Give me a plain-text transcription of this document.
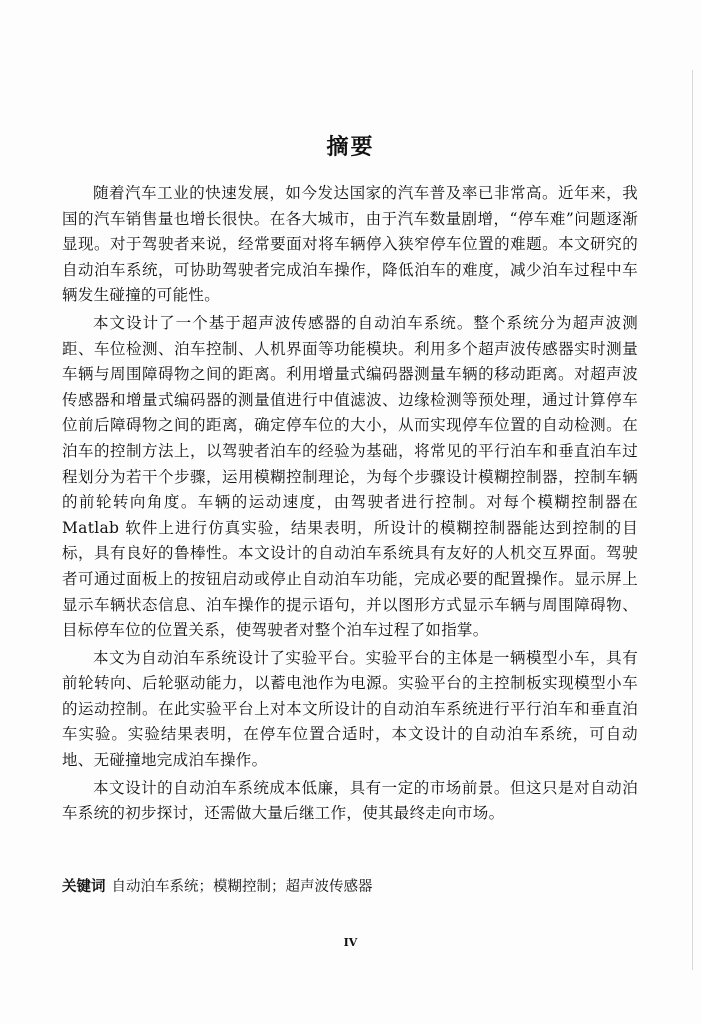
摘要

随着汽车工业的快速发展，如今发达国家的汽车普及率已非常高。近年来，我国的汽车销售量也增长很快。在各大城市，由于汽车数量剧增，“停车难”问题逐渐显现。对于驾驶者来说，经常要面对将车辆停入狭窄停车位置的难题。本文研究的自动泊车系统，可协助驾驶者完成泊车操作，降低泊车的难度，减少泊车过程中车辆发生碰撞的可能性。

本文设计了一个基于超声波传感器的自动泊车系统。整个系统分为超声波测距、车位检测、泊车控制、人机界面等功能模块。利用多个超声波传感器实时测量车辆与周围障碍物之间的距离。利用增量式编码器测量车辆的移动距离。对超声波传感器和增量式编码器的测量值进行中值滤波、边缘检测等预处理，通过计算停车位前后障碍物之间的距离，确定停车位的大小，从而实现停车位置的自动检测。在泊车的控制方法上，以驾驶者泊车的经验为基础，将常见的平行泊车和垂直泊车过程划分为若干个步骤，运用模糊控制理论，为每个步骤设计模糊控制器，控制车辆的前轮转向角度。车辆的运动速度，由驾驶者进行控制。对每个模糊控制器在 Matlab 软件上进行仿真实验，结果表明，所设计的模糊控制器能达到控制的目标，具有良好的鲁棒性。本文设计的自动泊车系统具有友好的人机交互界面。驾驶者可通过面板上的按钮启动或停止自动泊车功能，完成必要的配置操作。显示屏上显示车辆状态信息、泊车操作的提示语句，并以图形方式显示车辆与周围障碍物、目标停车位的位置关系，使驾驶者对整个泊车过程了如指掌。

本文为自动泊车系统设计了实验平台。实验平台的主体是一辆模型小车，具有前轮转向、后轮驱动能力，以蓄电池作为电源。实验平台的主控制板实现模型小车的运动控制。在此实验平台上对本文所设计的自动泊车系统进行平行泊车和垂直泊车实验。实验结果表明，在停车位置合适时，本文设计的自动泊车系统，可自动地、无碰撞地完成泊车操作。

本文设计的自动泊车系统成本低廉，具有一定的市场前景。但这只是对自动泊车系统的初步探讨，还需做大量后继工作，使其最终走向市场。

关键词 自动泊车系统；模糊控制；超声波传感器

IV
